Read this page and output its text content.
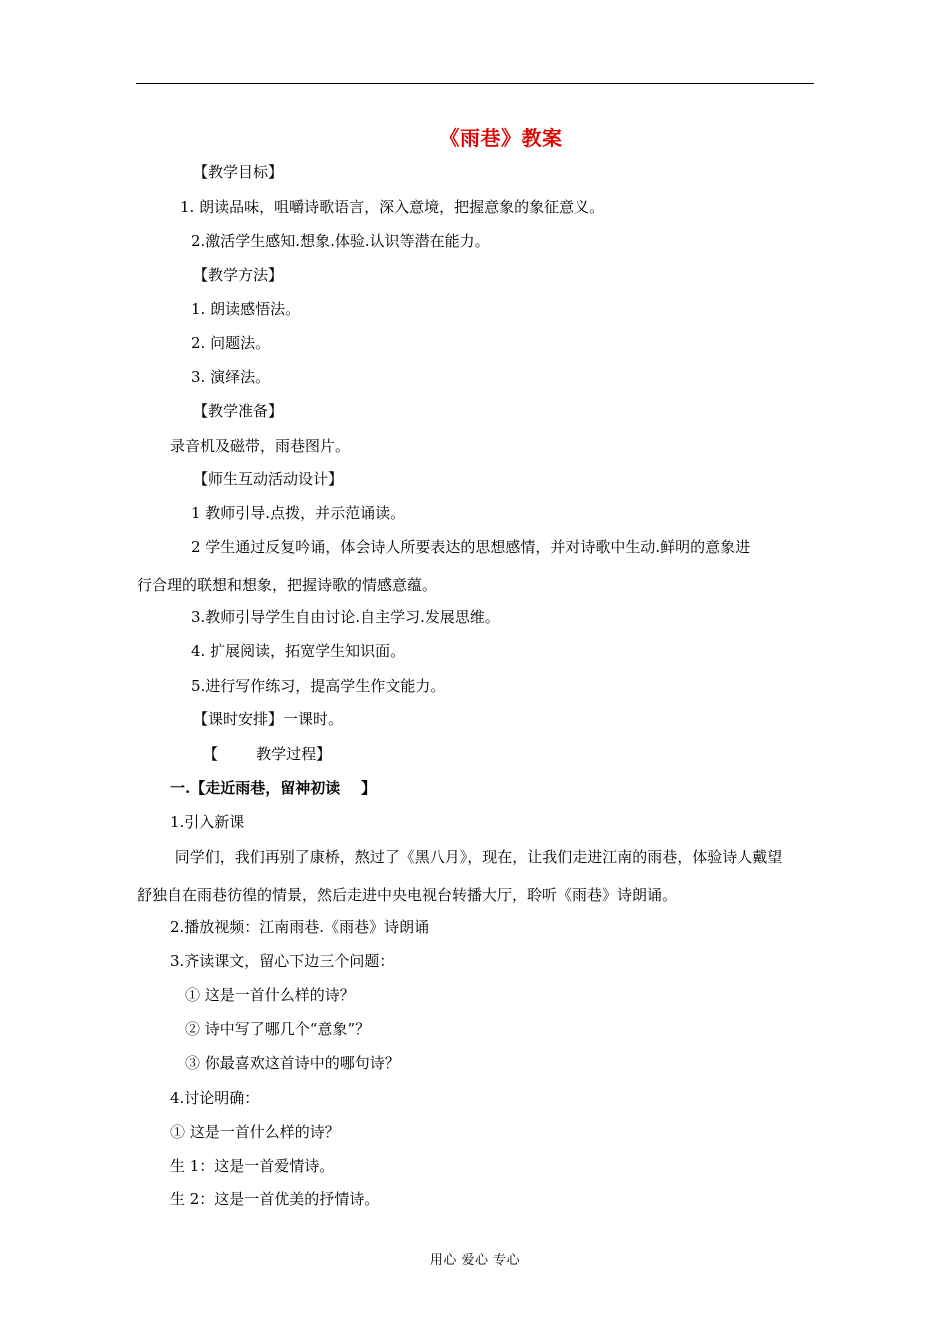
《雨巷》教案
【教学目标】
1. 朗读品味，咀嚼诗歌语言，深入意境，把握意象的象征意义。
2.激活学生感知.想象.体验.认识等潜在能力。
【教学方法】
1. 朗读感悟法。
2. 问题法。
3. 演绎法。
【教学准备】
录音机及磁带，雨巷图片。
【师生互动活动设计】
1 教师引导.点拨，并示范诵读。
2 学生通过反复吟诵，体会诗人所要表达的思想感情，并对诗歌中生动.鲜明的意象进
行合理的联想和想象，把握诗歌的情感意蕴。
3.教师引导学生自由讨论.自主学习.发展思维。
4. 扩展阅读，拓宽学生知识面。
5.进行写作练习，提高学生作文能力。
【课时安排】一课时。
【        教学过程】
一.【走近雨巷，留神初读    】
1.引入新课
同学们，我们再别了康桥，熬过了《黑八月》，现在，让我们走进江南的雨巷，体验诗人戴望
舒独自在雨巷彷徨的情景，然后走进中央电视台转播大厅，聆听《雨巷》诗朗诵。
2.播放视频：江南雨巷.《雨巷》诗朗诵
3.齐读课文，留心下边三个问题：
① 这是一首什么样的诗？
② 诗中写了哪几个“意象”？
③ 你最喜欢这首诗中的哪句诗？
4.讨论明确：
① 这是一首什么样的诗？
生 1：这是一首爱情诗。
生 2：这是一首优美的抒情诗。
用心 爱心 专心
